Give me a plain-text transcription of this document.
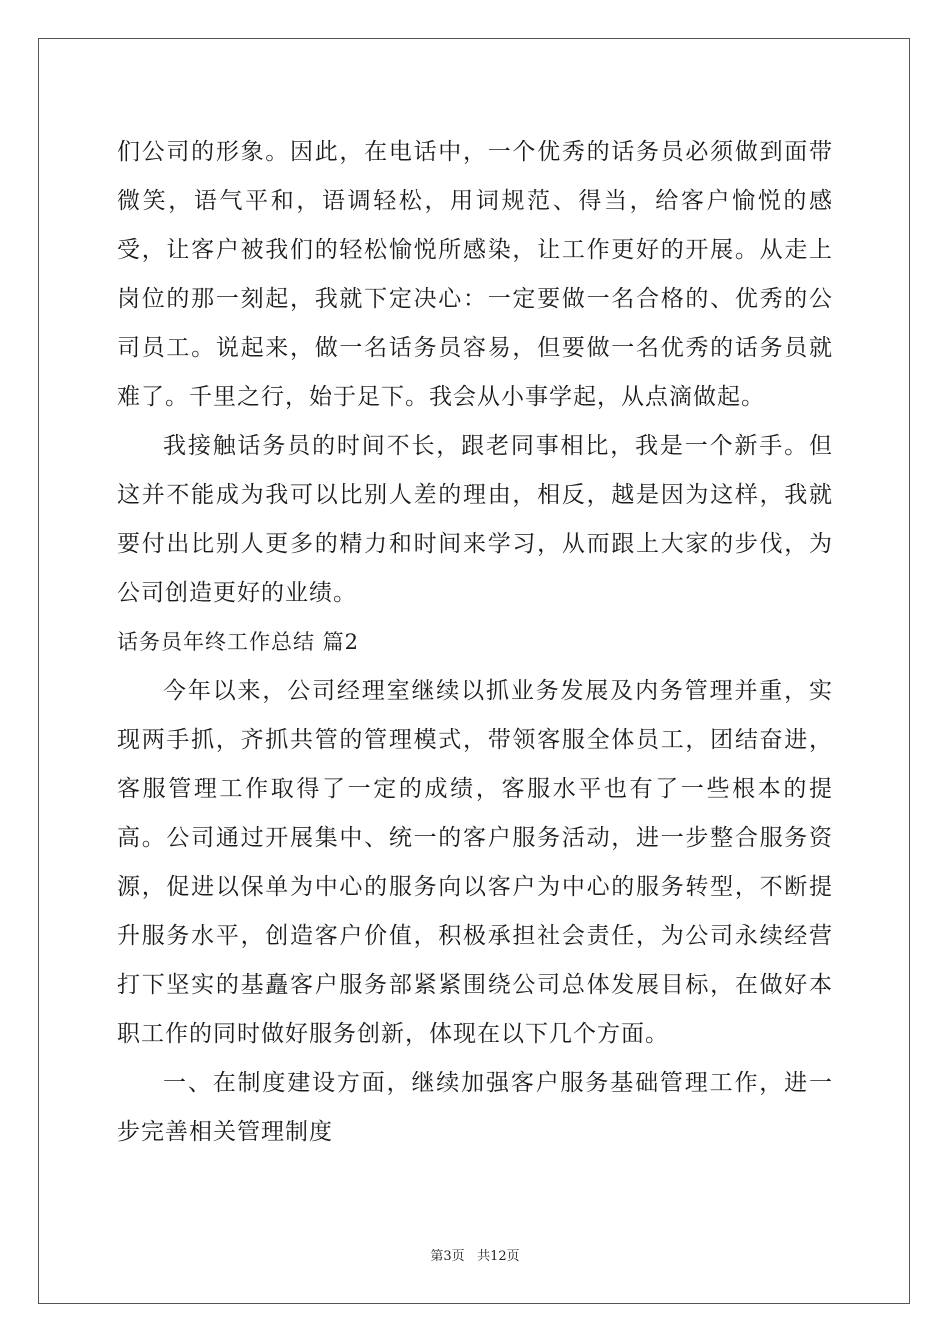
们公司的形象。因此，在电话中，一个优秀的话务员必须做到面带微笑，语气平和，语调轻松，用词规范、得当，给客户愉悦的感受，让客户被我们的轻松愉悦所感染，让工作更好的开展。从走上岗位的那一刻起，我就下定决心：一定要做一名合格的、优秀的公司员工。说起来，做一名话务员容易，但要做一名优秀的话务员就难了。千里之行，始于足下。我会从小事学起，从点滴做起。

我接触话务员的时间不长，跟老同事相比，我是一个新手。但这并不能成为我可以比别人差的理由，相反，越是因为这样，我就要付出比别人更多的精力和时间来学习，从而跟上大家的步伐，为公司创造更好的业绩。

话务员年终工作总结 篇2

今年以来，公司经理室继续以抓业务发展及内务管理并重，实现两手抓，齐抓共管的管理模式，带领客服全体员工，团结奋进，客服管理工作取得了一定的成绩，客服水平也有了一些根本的提高。公司通过开展集中、统一的客户服务活动，进一步整合服务资源，促进以保单为中心的服务向以客户为中心的服务转型，不断提升服务水平，创造客户价值，积极承担社会责任，为公司永续经营打下坚实的基矗客户服务部紧紧围绕公司总体发展目标，在做好本职工作的同时做好服务创新，体现在以下几个方面。

一、在制度建设方面，继续加强客户服务基础管理工作，进一步完善相关管理制度

第3页 共12页
